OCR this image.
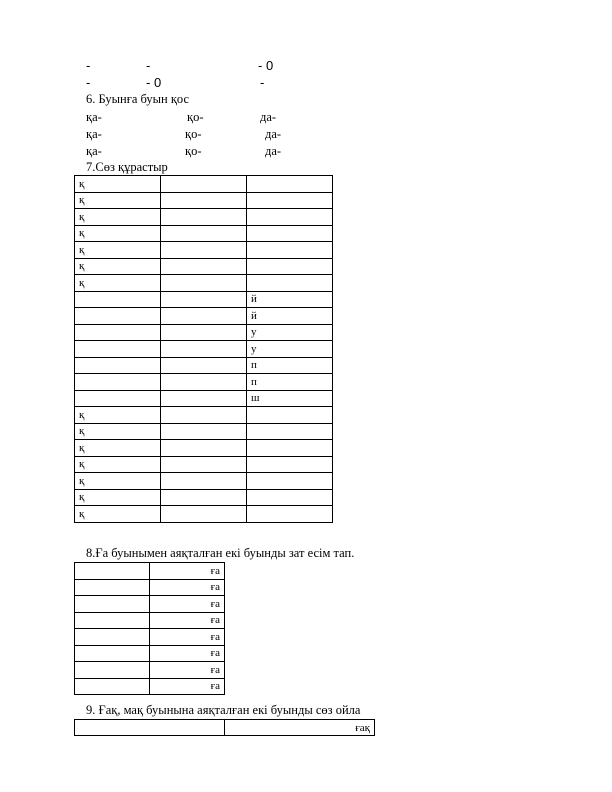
-	-	- 0
-	- 0	-
6. Буынға буын қос
қа-	қо-	да-
қа-	қо-	да-
қа-	қо-	да-
7.Сөз құрастыр
қ		
қ		
қ		
қ		
қ		
қ		
қ		
		й
		й
		у
		у
		п
		п
		ш
қ		
қ		
қ		
қ		
қ		
қ		
қ		
8.Ға буынымен аяқталған екі буынды зат есім тап.
	ға
	ға
	ға
	ға
	ға
	ға
	ға
	ға
9. Ғақ, мақ буынына аяқталған екі буынды сөз ойла
	ғақ
